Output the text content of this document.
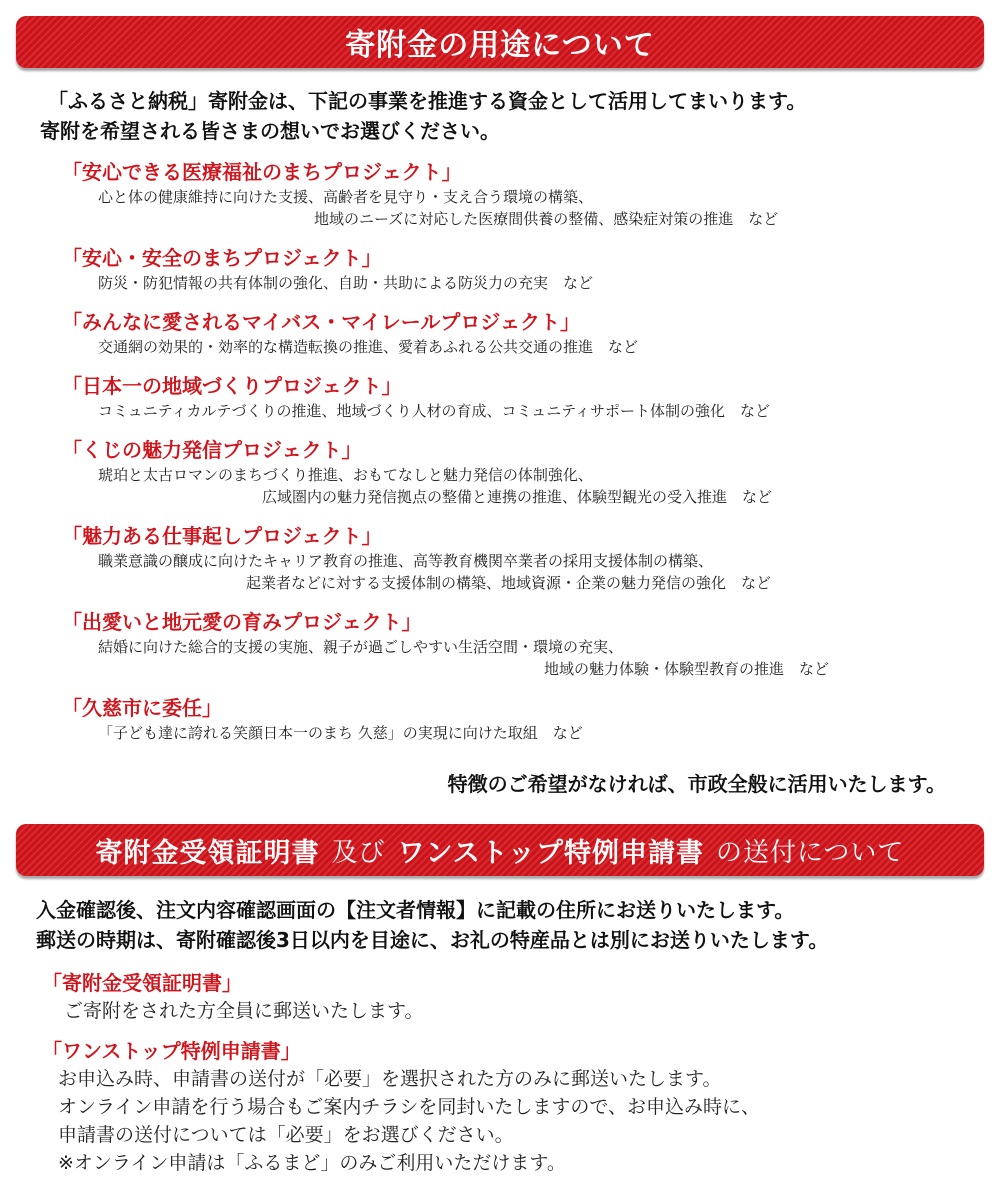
寄附金の用途について
「ふるさと納税」寄附金は、下記の事業を推進する資金として活用してまいります。
寄附を希望される皆さまの想いでお選びください。
「安心できる医療福祉のまちプロジェクト」
心と体の健康維持に向けた支援、高齢者を見守り・支え合う環境の構築、
地域のニーズに対応した医療間供養の整備、感染症対策の推進　など
「安心・安全のまちプロジェクト」
防災・防犯情報の共有体制の強化、自助・共助による防災力の充実　など
「みんなに愛されるマイバス・マイレールプロジェクト」
交通網の効果的・効率的な構造転換の推進、愛着あふれる公共交通の推進　など
「日本一の地域づくりプロジェクト」
コミュニティカルテづくりの推進、地域づくり人材の育成、コミュニティサポート体制の強化　など
「くじの魅力発信プロジェクト」
琥珀と太古ロマンのまちづくり推進、おもてなしと魅力発信の体制強化、
広域圏内の魅力発信拠点の整備と連携の推進、体験型観光の受入推進　など
「魅力ある仕事起しプロジェクト」
職業意識の醸成に向けたキャリア教育の推進、高等教育機関卒業者の採用支援体制の構築、
起業者などに対する支援体制の構築、地域資源・企業の魅力発信の強化　など
「出愛いと地元愛の育みプロジェクト」
結婚に向けた総合的支援の実施、親子が過ごしやすい生活空間・環境の充実、
地域の魅力体験・体験型教育の推進　など
「久慈市に委任」
「子ども達に誇れる笑顔日本一のまち 久慈」の実現に向けた取組　など
特徴のご希望がなければ、市政全般に活用いたします。
寄附金受領証明書 及び ワンストップ特例申請書 の送付について
入金確認後、注文内容確認画面の【注文者情報】に記載の住所にお送りいたします。
郵送の時期は、寄附確認後3日以内を目途に、お礼の特産品とは別にお送りいたします。
「寄附金受領証明書」
ご寄附をされた方全員に郵送いたします。
「ワンストップ特例申請書」
お申込み時、申請書の送付が「必要」を選択された方のみに郵送いたします。
オンライン申請を行う場合もご案内チラシを同封いたしますので、お申込み時に、
申請書の送付については「必要」をお選びください。
※オンライン申請は「ふるまど」のみご利用いただけます。
